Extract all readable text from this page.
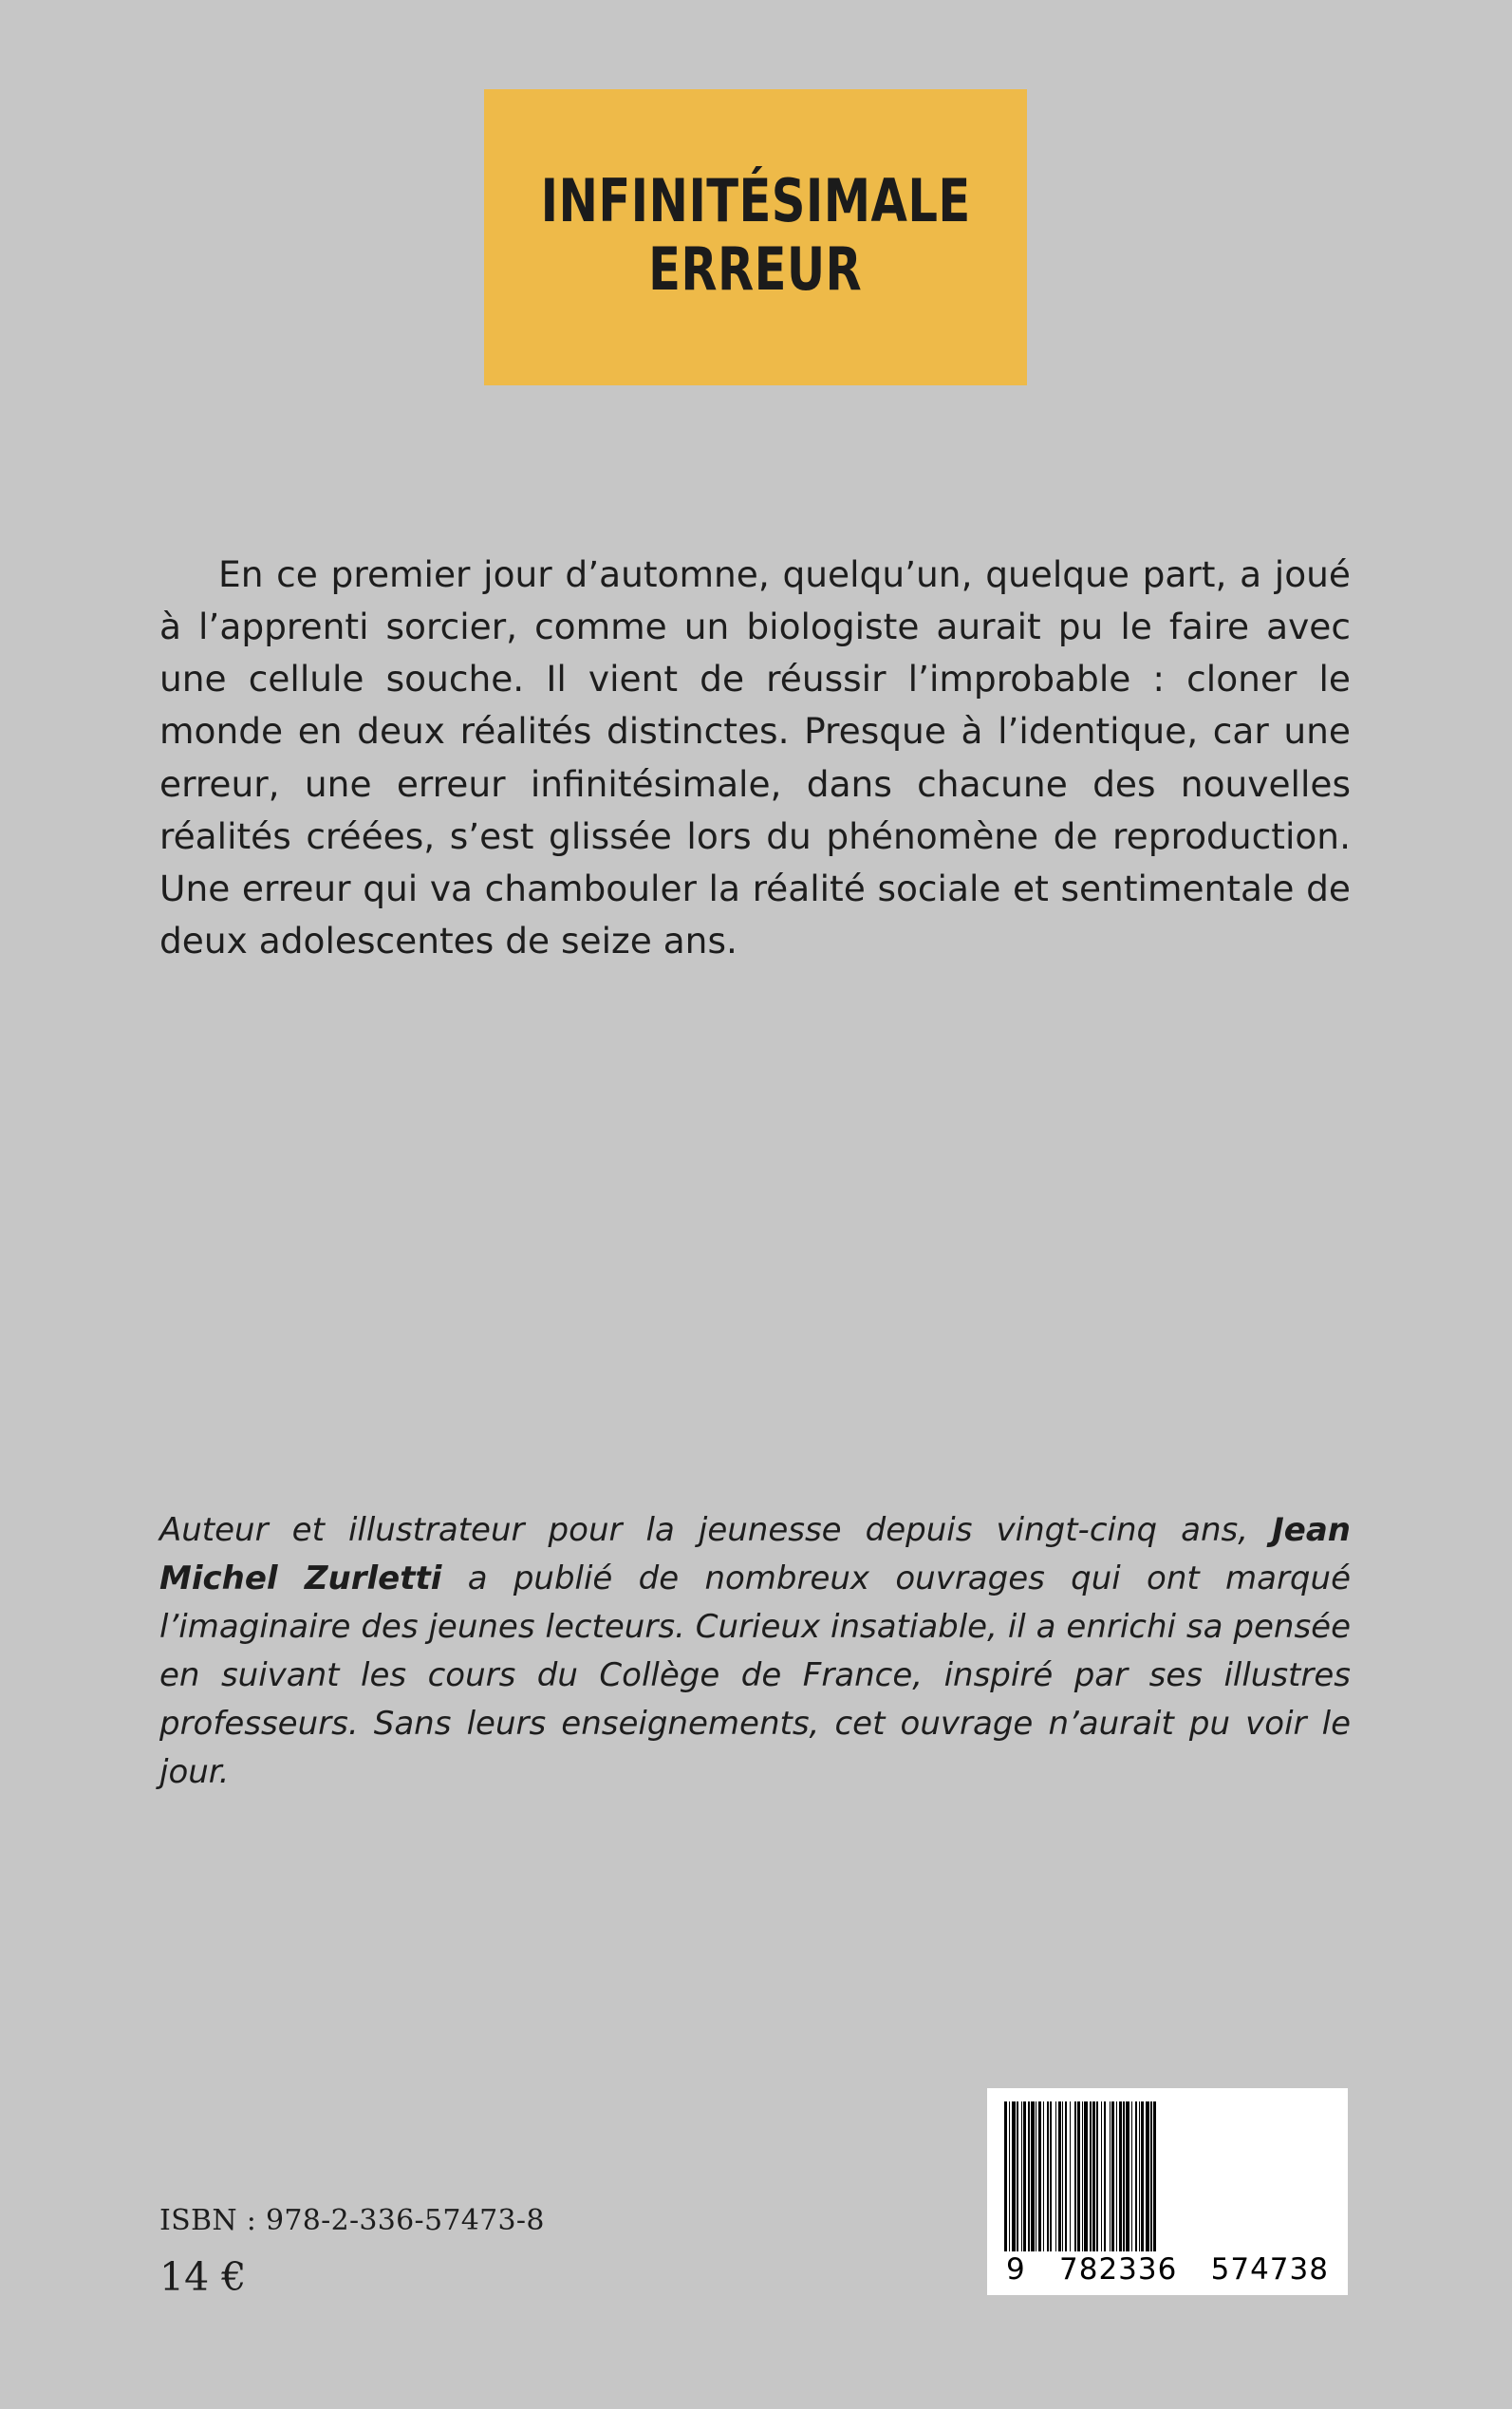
INFINITÉSIMALE
ERREUR
En ce premier jour d’automne, quelqu’un, quelque part, a joué à l’apprenti sorcier, comme un biologiste aurait pu le faire avec une cellule souche. Il vient de réussir l’improbable : cloner le monde en deux réalités distinctes. Presque à l’identique, car une erreur, une erreur infinitésimale, dans chacune des nouvelles réalités créées, s’est glissée lors du phénomène de reproduction. Une erreur qui va chambouler la réalité sociale et sentimentale de deux adolescentes de seize ans.
Auteur et illustrateur pour la jeunesse depuis vingt-cinq ans, Jean Michel Zurletti a publié de nombreux ouvrages qui ont marqué l’imaginaire des jeunes lecteurs. Curieux insatiable, il a enrichi sa pensée en suivant les cours du Collège de France, inspiré par ses illustres professeurs. Sans leurs enseignements, cet ouvrage n’aurait pu voir le jour.
ISBN : 978-2-336-57473-8
14 €	9 782336 574738
